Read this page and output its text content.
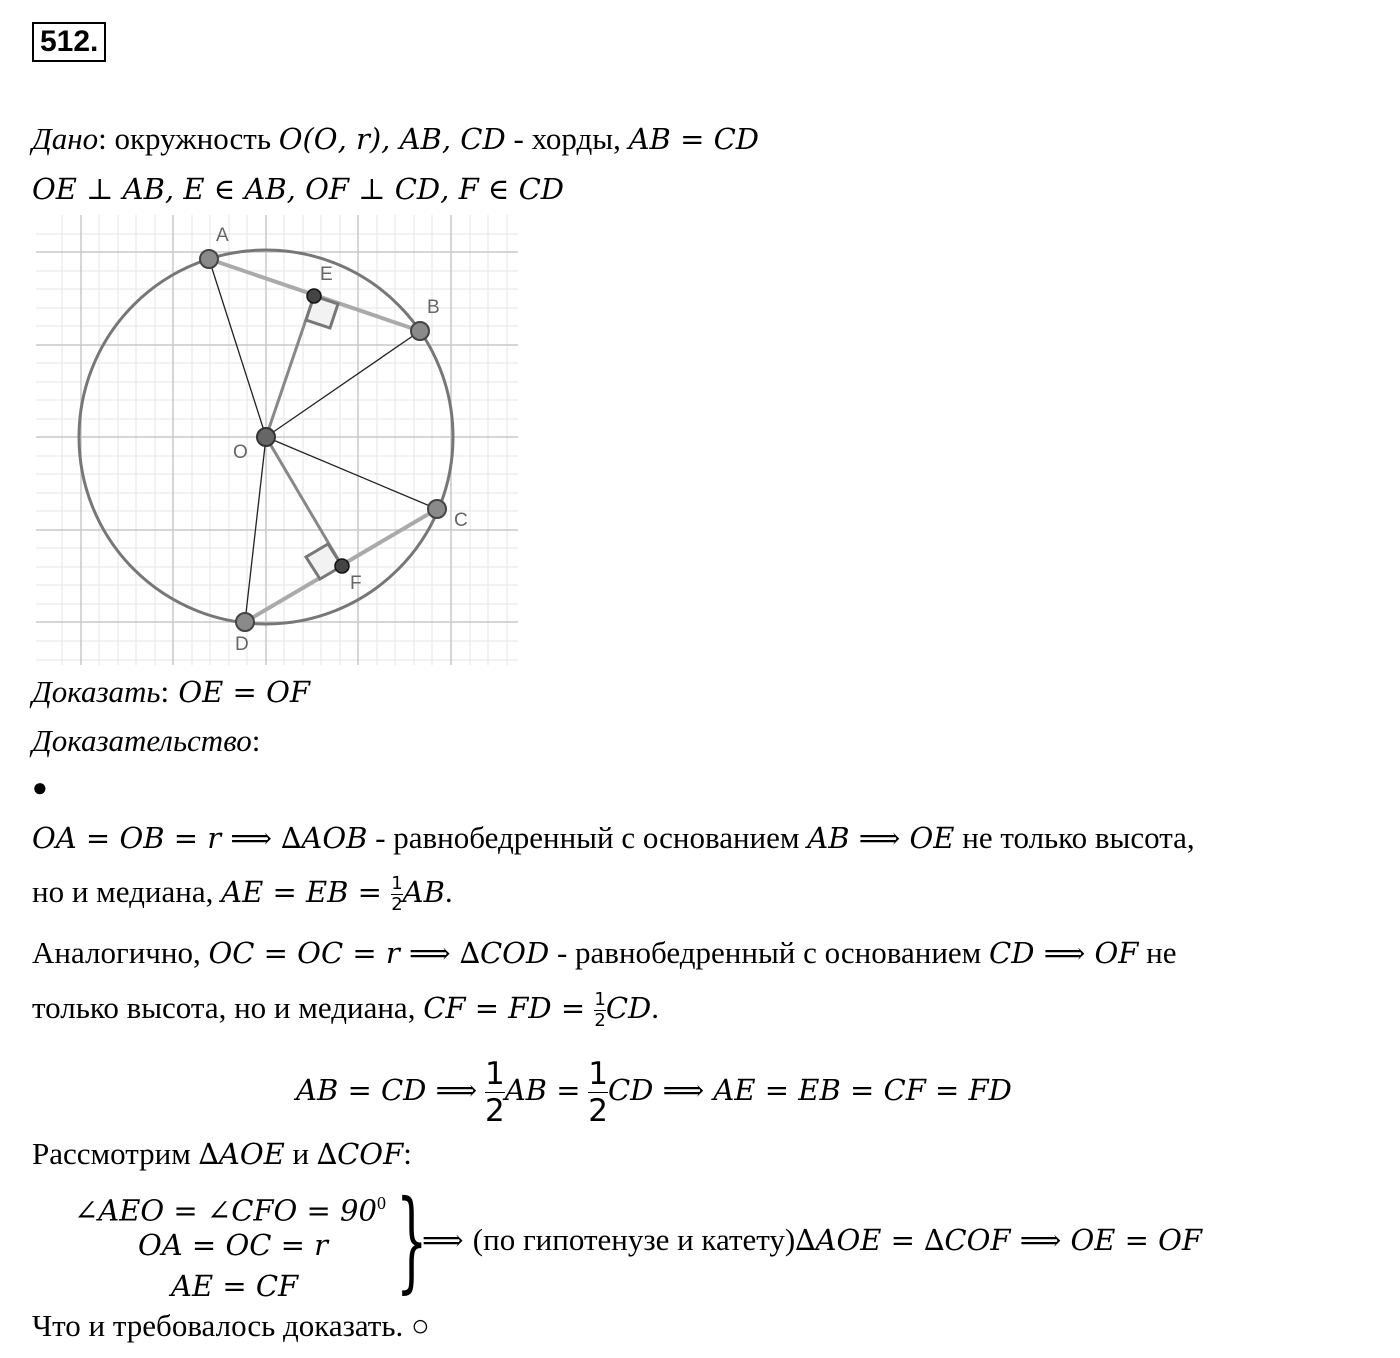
512.
Дано: окружность 𝑂(𝑂, 𝑟), 𝐴𝐵, 𝐶𝐷 - хорды, 𝐴𝐵 = 𝐶𝐷
𝑂𝐸 ⊥ 𝐴𝐵, 𝐸 ∈ 𝐴𝐵, 𝑂𝐹 ⊥ 𝐶𝐷, 𝐹 ∈ 𝐶𝐷
A
B
C
D
E
F
O
Доказать: 𝑂𝐸 = 𝑂𝐹
Доказательство:
●
𝑂𝐴 = 𝑂𝐵 = 𝑟 ⟹ ∆𝐴𝑂𝐵 - равнобедренный с основанием 𝐴𝐵 ⟹ 𝑂𝐸 не только высота,
но и медиана, 𝐴𝐸 = 𝐸𝐵 = $\frac{1}{2}$ 𝐴𝐵.
Аналогично, 𝑂𝐶 = 𝑂𝐶 = 𝑟 ⟹ ∆𝐶𝑂𝐷 - равнобедренный с основанием 𝐶𝐷 ⟹ 𝑂𝐹 не
только высота, но и медиана, 𝐶𝐹 = 𝐹𝐷 = $\frac{1}{2}$ 𝐶𝐷.
𝐴𝐵 = 𝐶𝐷 ⟹ $\frac{1}{2}$ 𝐴𝐵 = $\frac{1}{2}$ 𝐶𝐷 ⟹ 𝐴𝐸 = 𝐸𝐵 = 𝐶𝐹 = 𝐹𝐷
Рассмотрим ∆𝐴𝑂𝐸 и ∆𝐶𝑂𝐹:
∠𝐴𝐸𝑂 = ∠𝐶𝐹𝑂 = $90^0$
𝑂𝐴 = 𝑂𝐶 = 𝑟
𝐴𝐸 = 𝐶𝐹 }
⟹ (по гипотенузе и катету)∆𝐴𝑂𝐸 = ∆𝐶𝑂𝐹 ⟹ 𝑂𝐸 = 𝑂𝐹
Что и требовалось доказать. ○
